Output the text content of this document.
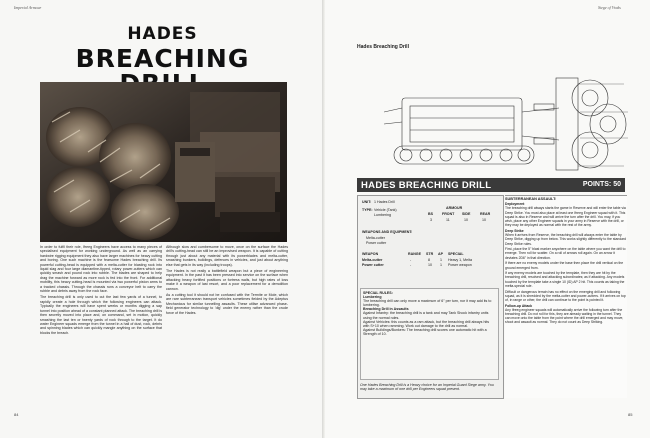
Imperial Armour
HADES
BREACHING

In order to fulfil their role, Ifreeg Engineers have access to many pieces of specialised equipment for working underground. As well as an carrying hardwire rigging equipment they also have larger machines for heavy cutting and boring. One such machine is the fearsome Hades breaching drill. Its powerful cutting-head is equipped with a melta-cutter for blasting rock into liquid slag and four large diamantine-tipped, rotary power-cutters which can quickly smash and pound rock into rubble. The blades are shaped to help drag the machine forward as more rock is fed into the front. For additional mobility, this heavy cutting-head is mounted via two powerful piston arms to a tracked chassis. Through the chassis runs a conveyor belt to carry the rubble and debris away from the rock face.

The breaching drill is only used to cut the last few yards of a tunnel, to rapidly create a hole through which the following engineers can attack. Typically the engineers will have spent weeks or months digging a sap tunnel into position ahead of a constant planned attack. The breaching drill is then secretly moved into place and, on command, set in motion, quickly smashing the last ten or twenty yards of rock through to the target. It do water Engineer squads emerge from the tunnel in a hail of dust, rock, debris and spinning blades which can quickly mangle anything on the surface that blocks the breach.

Although slow and cumbersome to move, once on the surface the Hades drill's cutting-head can still be an improvised weapon. It is capable of cutting through just about any material with its powerblades and melta-cutter, smashing bunkers, buildings, defences in vehicles, and just about anything else that gets in its way (including troops).

The Hades is not really a battlefield weapon but a piece of engineering equipment. In the past it has been pressed into service on the surface when attacking heavy fortified positions or fortress walls, but high rates of loss make it a weapon of last resort, and a poor replacement for a demolition cannon.

As a cutting tool it should not be confused with the Termite or Mole, which are rare subterranean transport vehicles sometimes fielded by the Adeptus Mechanicus for similar tunnelling assaults. These utilise advanced phase-field generator technology to 'dig' under the enemy rather than the crude force of the Hades.

84
Siege of Vraks
Hades Breaching Drill
HADES BREACHING DRILL	POINTS: 50
UNIT: 1 Hades Drill
TYPE: Vehicle (Tank)
Lumbering
ARMOUR
BS	FRONT SIDE	REAR
3	11	10	10
WEAPONS AND EQUIPMENT:
Melta-cutter
Power cutter
WEAPON	RANGE STR AP SPECIAL
Melta-cutter	-	8	1 Heavy 1, Melta
Power cutter	-	10 1 Power weapon
SPECIAL RULES:
Lumbering
The breaching drill can only move a maximum of 6" per turn, nor it may add its to lumbering.
Breaching Drill in Assaults
Against Infantry: the breaching drill is a tank and may Tank Shock infantry units using the normal rules.
Against Vehicles: this counts as a ram attack, but the breaching drill always hits with S+10 when ramming. Work out damage to the drill as normal.
Against Buildings/Bunkers: The breaching drill scores one automatic hit with a Strength of 10.
One Hades Breaching Drill is a Heavy choice for an Imperial Guard Siege army. You may take a maximum of one drill per Engineers squad present.
SUBTERRANEAN ASSAULT:
Deployment

The breaching drill always starts the game in Reserve and will enter the table via Deep Strike. You must also place at least one Ifreeg Engineer squad with it. This squad is also in Reserve and will arrive the turn after the drill. You may, if you wish, place any other Engineer squads in your army in Reserve with the drill, or they may be deployed as normal with the rest of the army.

Deep Strike

When it arrives from Reserve, the breaching drill will always enter the table by Deep Strike, digging up from below. This works slightly differently to the standard Deep Strike rules.

First, place the 5" blast marker anywhere on the table where you want the drill to emerge. Then roll for scatter. On a roll of arrows roll again. On an arrow it deviates 2D6" in that direction.

If there are no enemy models under the base then place the drill vertical on the ground emerged from.

If any enemy models are touched by the template, then they are hit by the breaching drill, resolved and attacking subordinates; as if attacking. Any models touched by the template take a single 10 (ID) AP 2 hit. This counts as taking the melta-special rule.

Difficult or dangerous terrain has no effect on the emerging drill and following squad, as it is shredded by the melta-cutter and power-cutters. If it arrives on top of, in range or other, the drill can continue to the point is pointed it.

Follow-up Attack

Any Ifreeg engineer squads will automatically arrive the following turn after the breaching drill. Do not roll for this, they are already waiting in the tunnel. They can move onto the table from the point where the drill emerged and may move, shoot and assault as normal. They do not count as Deep Striking.

85
